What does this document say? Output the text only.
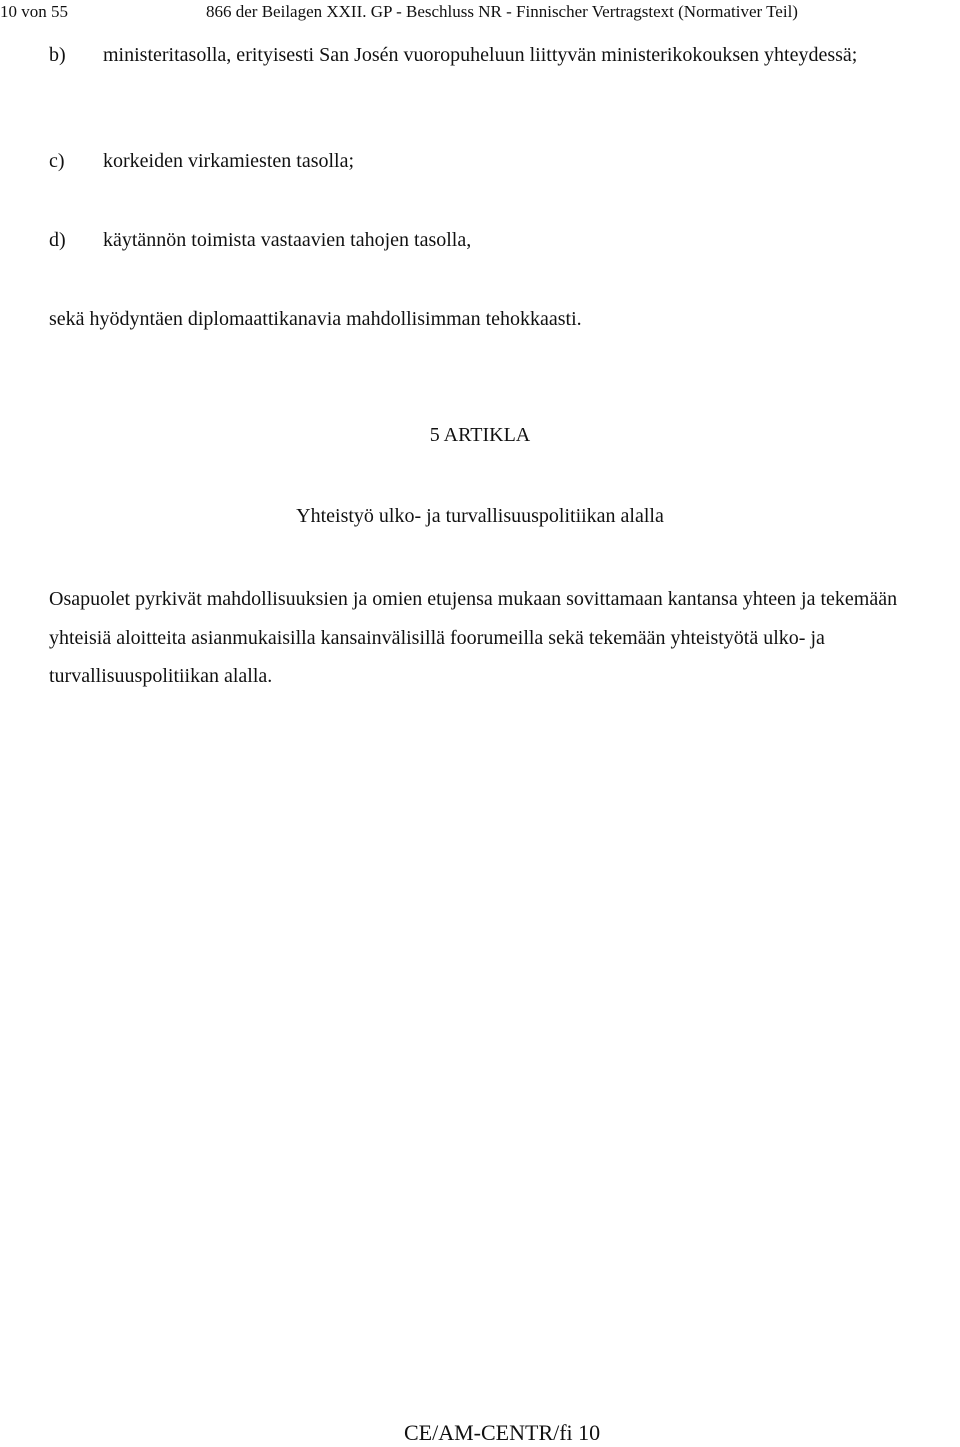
10 von 55	866 der Beilagen XXII. GP - Beschluss NR - Finnischer Vertragstext (Normativer Teil)
b) ministeritasolla, erityisesti San Josén vuoropuheluun liittyvän ministerikokouksen yhteydessä;
c) korkeiden virkamiesten tasolla;
d) käytännön toimista vastaavien tahojen tasolla,
sekä hyödyntäen diplomaattikanavia mahdollisimman tehokkaasti.
5 ARTIKLA
Yhteistyö ulko- ja turvallisuuspolitiikan alalla
Osapuolet pyrkivät mahdollisuuksien ja omien etujensa mukaan sovittamaan kantansa yhteen ja tekemään yhteisiä aloitteita asianmukaisilla kansainvälisillä foorumeilla sekä tekemään yhteistyötä ulko- ja turvallisuuspolitiikan alalla.
CE/AM-CENTR/fi 10
